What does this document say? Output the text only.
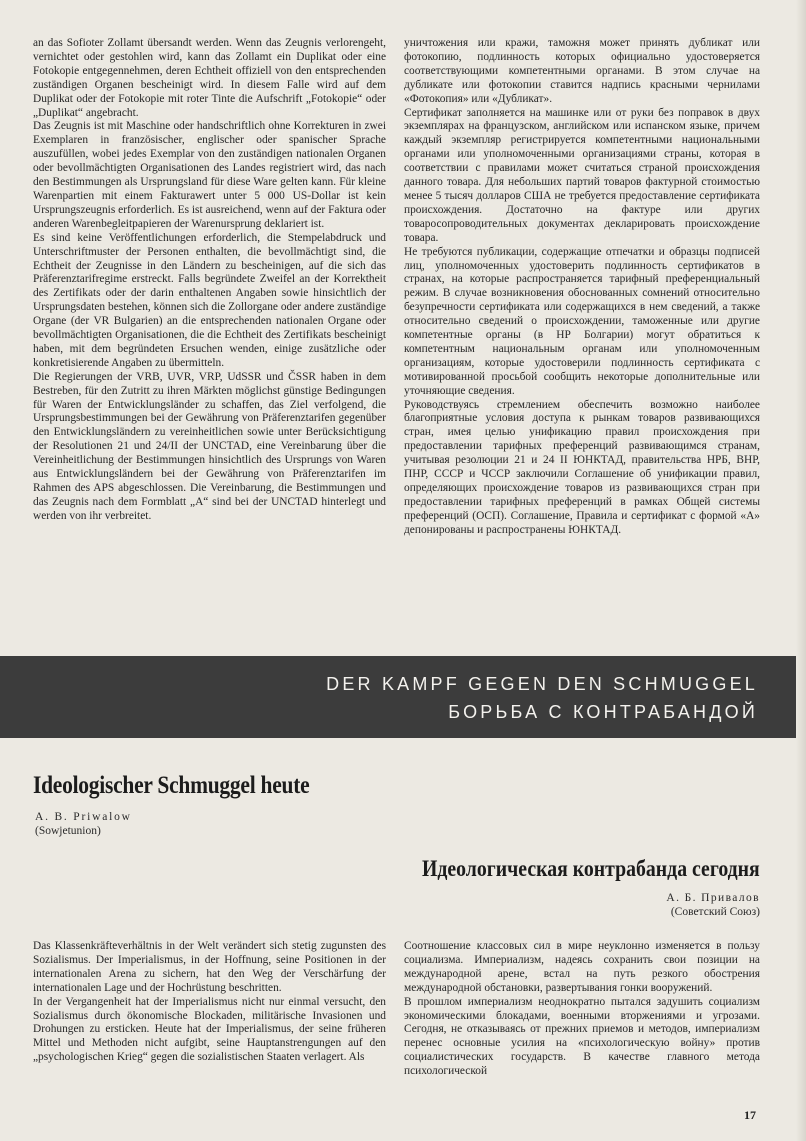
an das Sofioter Zollamt übersandt werden. Wenn das Zeugnis verlorengeht, vernichtet oder gestohlen wird, kann das Zollamt ein Duplikat oder eine Fotokopie entgegennehmen, deren Echtheit offiziell von den entsprechenden zuständigen Organen bescheinigt wird. In diesem Falle wird auf dem Duplikat oder der Fotokopie mit roter Tinte die Aufschrift „Fotokopie“ oder „Duplikat“ angebracht.

Das Zeugnis ist mit Maschine oder handschriftlich ohne Korrekturen in zwei Exemplaren in französischer, englischer oder spanischer Sprache auszufüllen, wobei jedes Exemplar von den zuständigen nationalen Organen oder bevollmächtigten Organisationen des Landes registriert wird, das nach den Bestimmungen als Ursprungsland für diese Ware gelten kann. Für kleine Warenpartien mit einem Fakturawert unter 5 000 US-Dollar ist kein Ursprungszeugnis erforderlich. Es ist ausreichend, wenn auf der Faktura oder anderen Warenbegleitpapieren der Warenursprung deklariert ist.

Es sind keine Veröffentlichungen erforderlich, die Stempelabdruck und Unterschriftmuster der Personen enthalten, die bevollmächtigt sind, die Echtheit der Zeugnisse in den Ländern zu bescheinigen, auf die sich das Präferenztarifregime erstreckt. Falls begründete Zweifel an der Korrektheit des Zertifikats oder der darin enthaltenen Angaben sowie hinsichtlich der Ursprungsdaten bestehen, können sich die Zollorgane oder andere zuständige Organe (der VR Bulgarien) an die entsprechenden nationalen Organe oder bevollmächtigten Organisationen, die die Echtheit des Zertifikats bescheinigt haben, mit dem begründeten Ersuchen wenden, einige zusätzliche oder konkretisierende Angaben zu übermitteln.

Die Regierungen der VRB, UVR, VRP, UdSSR und ČSSR haben in dem Bestreben, für den Zutritt zu ihren Märkten möglichst günstige Bedingungen für Waren der Entwicklungsländer zu schaffen, das Ziel verfolgend, die Ursprungsbestimmungen bei der Gewährung von Präferenztarifen gegenüber den Entwicklungsländern zu vereinheitlichen sowie unter Berücksichtigung der Resolutionen 21 und 24/II der UNCTAD, eine Vereinbarung über die Vereinheitlichung der Bestimmungen hinsichtlich des Ursprungs von Waren aus Entwicklungsländern bei der Gewährung von Präferenztarifen im Rahmen des APS abgeschlossen. Die Vereinbarung, die Bestimmungen und das Zeugnis nach dem Formblatt „A“ sind bei der UNCTAD hinterlegt und werden von ihr verbreitet.

уничтожения или кражи, таможня может принять дубликат или фотокопию, подлинность которых официально удостоверяется соответствующими компетентными органами. В этом случае на дубликате или фотокопии ставится надпись красными чернилами «Фотокопия» или «Дубликат».

Сертификат заполняется на машинке или от руки без поправок в двух экземплярах на французском, английском или испанском языке, причем каждый экземпляр регистрируется компетентными национальными органами или уполномоченными организациями страны, которая в соответствии с правилами может считаться страной происхождения данного товара. Для небольших партий товаров фактурной стоимостью менее 5 тысяч долларов США не требуется предоставление сертификата происхождения. Достаточно на фактуре или других товаросопроводительных документах декларировать происхождение товара.

Не требуются публикации, содержащие отпечатки и образцы подписей лиц, уполномоченных удостоверить подлинность сертификатов в странах, на которые распространяется тарифный преференциальный режим. В случае возникновения обоснованных сомнений относительно безупречности сертификата или содержащихся в нем сведений, а также относительно сведений о происхождении, таможенные или другие компетентные органы (в НР Болгарии) могут обратиться к компетентным национальным органам или уполномоченным организациям, которые удостоверили подлинность сертификата с мотивированной просьбой сообщить некоторые дополнительные или уточняющие сведения.

Руководствуясь стремлением обеспечить возможно наиболее благоприятные условия доступа к рынкам товаров развивающихся стран, имея целью унификацию правил происхождения при предоставлении тарифных преференций развивающимся странам, учитывая резолюции 21 и 24 II ЮНКТАД, правительства НРБ, ВНР, ПНР, СССР и ЧССР заключили Соглашение об унификации правил, определяющих происхождение товаров из развивающихся стран при предоставлении тарифных преференций в рамках Общей системы преференций (ОСП). Соглашение, Правила и сертификат с формой «А» депонированы и распространены ЮНКТАД.

DER KAMPF GEGEN DEN SCHMUGGEL
БОРЬБА С КОНТРАБАНДОЙ
Ideologischer Schmuggel heute
A. B. Priwalow
(Sowjetunion)
Идеологическая контрабанда сегодня
А. Б. Привалов
(Советский Союз)

Das Klassenkräfteverhältnis in der Welt verändert sich stetig zugunsten des Sozialismus. Der Imperialismus, in der Hoffnung, seine Positionen in der internationalen Arena zu sichern, hat den Weg der Verschärfung der internationalen Lage und der Hochrüstung beschritten.

In der Vergangenheit hat der Imperialismus nicht nur einmal versucht, den Sozialismus durch ökonomische Blockaden, militärische Invasionen und Drohungen zu ersticken. Heute hat der Imperialismus, der seine früheren Mittel und Methoden nicht aufgibt, seine Hauptanstrengungen auf den „psychologischen Krieg“ gegen die sozialistischen Staaten verlagert. Als

Соотношение классовых сил в мире неуклонно изменяется в пользу социализма. Империализм, надеясь сохранить свои позиции на международной арене, встал на путь резкого обострения международной обстановки, развертывания гонки вооружений.

В прошлом империализм неоднократно пытался задушить социализм экономическими блокадами, военными вторжениями и угрозами. Сегодня, не отказываясь от прежних приемов и методов, империализм перенес основные усилия на «психологическую войну» против социалистических государств. В качестве главного метода психологической

17
